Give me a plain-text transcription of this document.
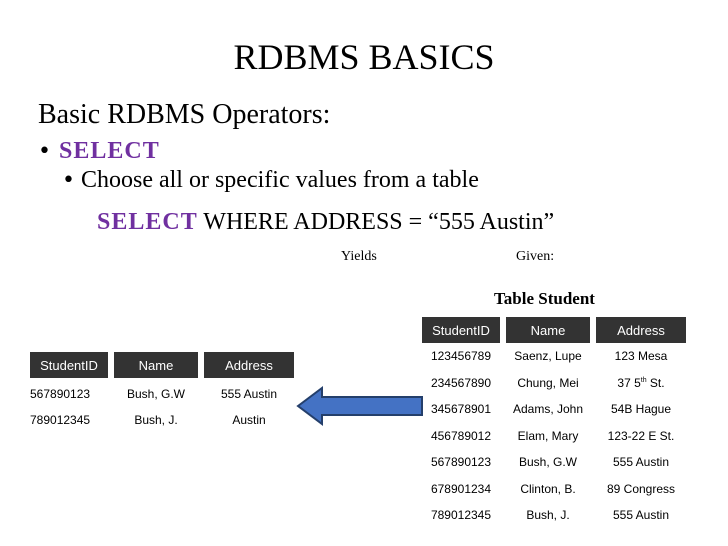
RDBMS BASICS
Basic RDBMS Operators:
• SELECT
• Choose all or specific values from a table
SELECT WHERE ADDRESS = “555 Austin”
Yields	Given:
Table Student
StudentID	Name	Address
567890123	Bush, G.W	555 Austin
789012345	Bush, J.	Austin
StudentID	Name	Address
123456789	Saenz, Lupe	123 Mesa
234567890	Chung, Mei	37 5th St.
345678901	Adams, John	54B Hague
456789012	Elam, Mary	123-22 E St.
567890123	Bush, G.W	555 Austin
678901234	Clinton, B.	89 Congress
789012345	Bush, J.	555 Austin
